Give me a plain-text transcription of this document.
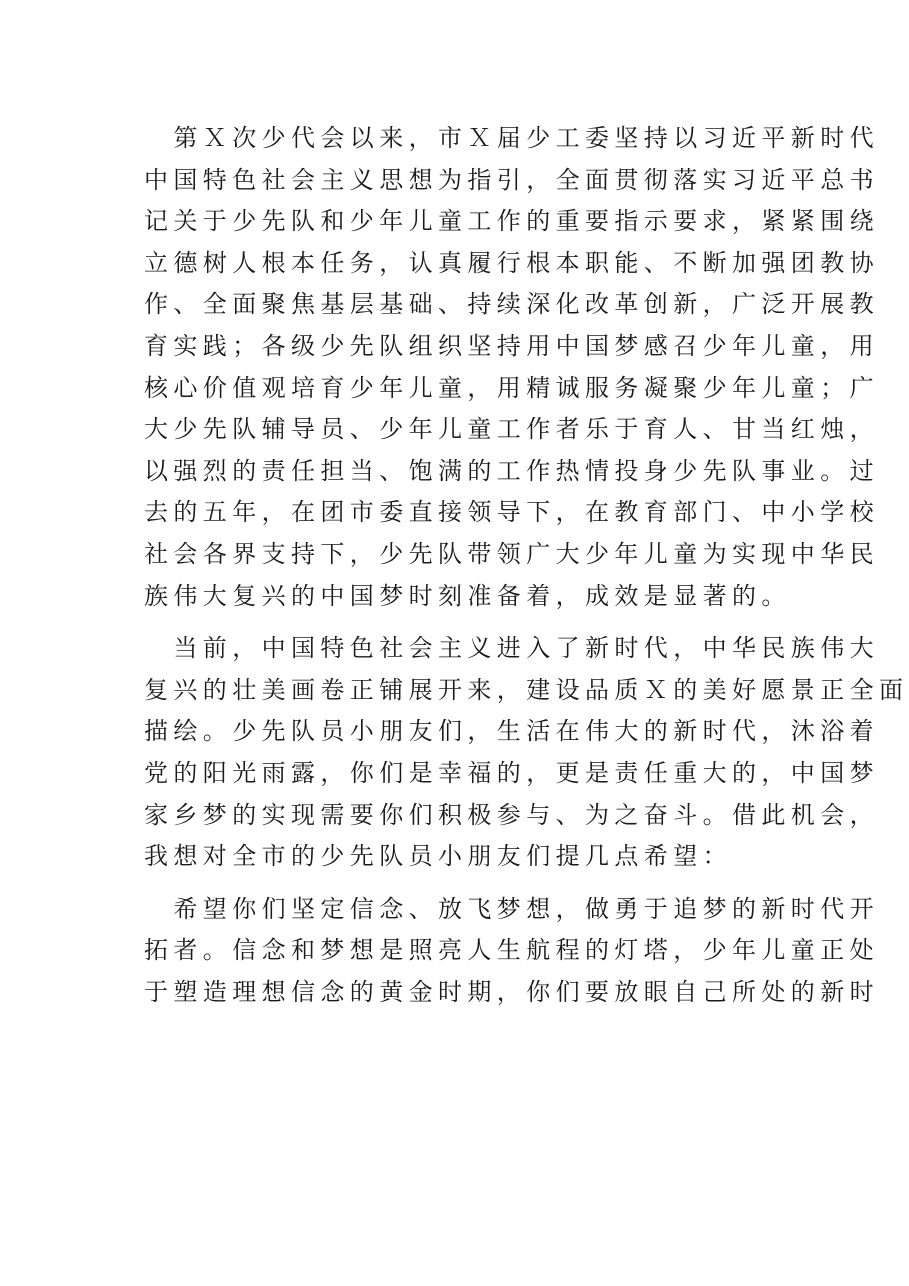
　第Ｘ次少代会以来，市Ｘ届少工委坚持以习近平新时代
中国特色社会主义思想为指引，全面贯彻落实习近平总书
记关于少先队和少年儿童工作的重要指示要求，紧紧围绕
立德树人根本任务，认真履行根本职能、不断加强团教协
作、全面聚焦基层基础、持续深化改革创新，广泛开展教
育实践；各级少先队组织坚持用中国梦感召少年儿童，用
核心价值观培育少年儿童，用精诚服务凝聚少年儿童；广
大少先队辅导员、少年儿童工作者乐于育人、甘当红烛，
以强烈的责任担当、饱满的工作热情投身少先队事业。过
去的五年，在团市委直接领导下，在教育部门、中小学校
社会各界支持下，少先队带领广大少年儿童为实现中华民
族伟大复兴的中国梦时刻准备着，成效是显著的。

　当前，中国特色社会主义进入了新时代，中华民族伟大
复兴的壮美画卷正铺展开来，建设品质Ｘ的美好愿景正全面
描绘。少先队员小朋友们，生活在伟大的新时代，沐浴着
党的阳光雨露，你们是幸福的，更是责任重大的，中国梦
家乡梦的实现需要你们积极参与、为之奋斗。借此机会，
我想对全市的少先队员小朋友们提几点希望：

　希望你们坚定信念、放飞梦想，做勇于追梦的新时代开
拓者。信念和梦想是照亮人生航程的灯塔，少年儿童正处
于塑造理想信念的黄金时期，你们要放眼自己所处的新时
